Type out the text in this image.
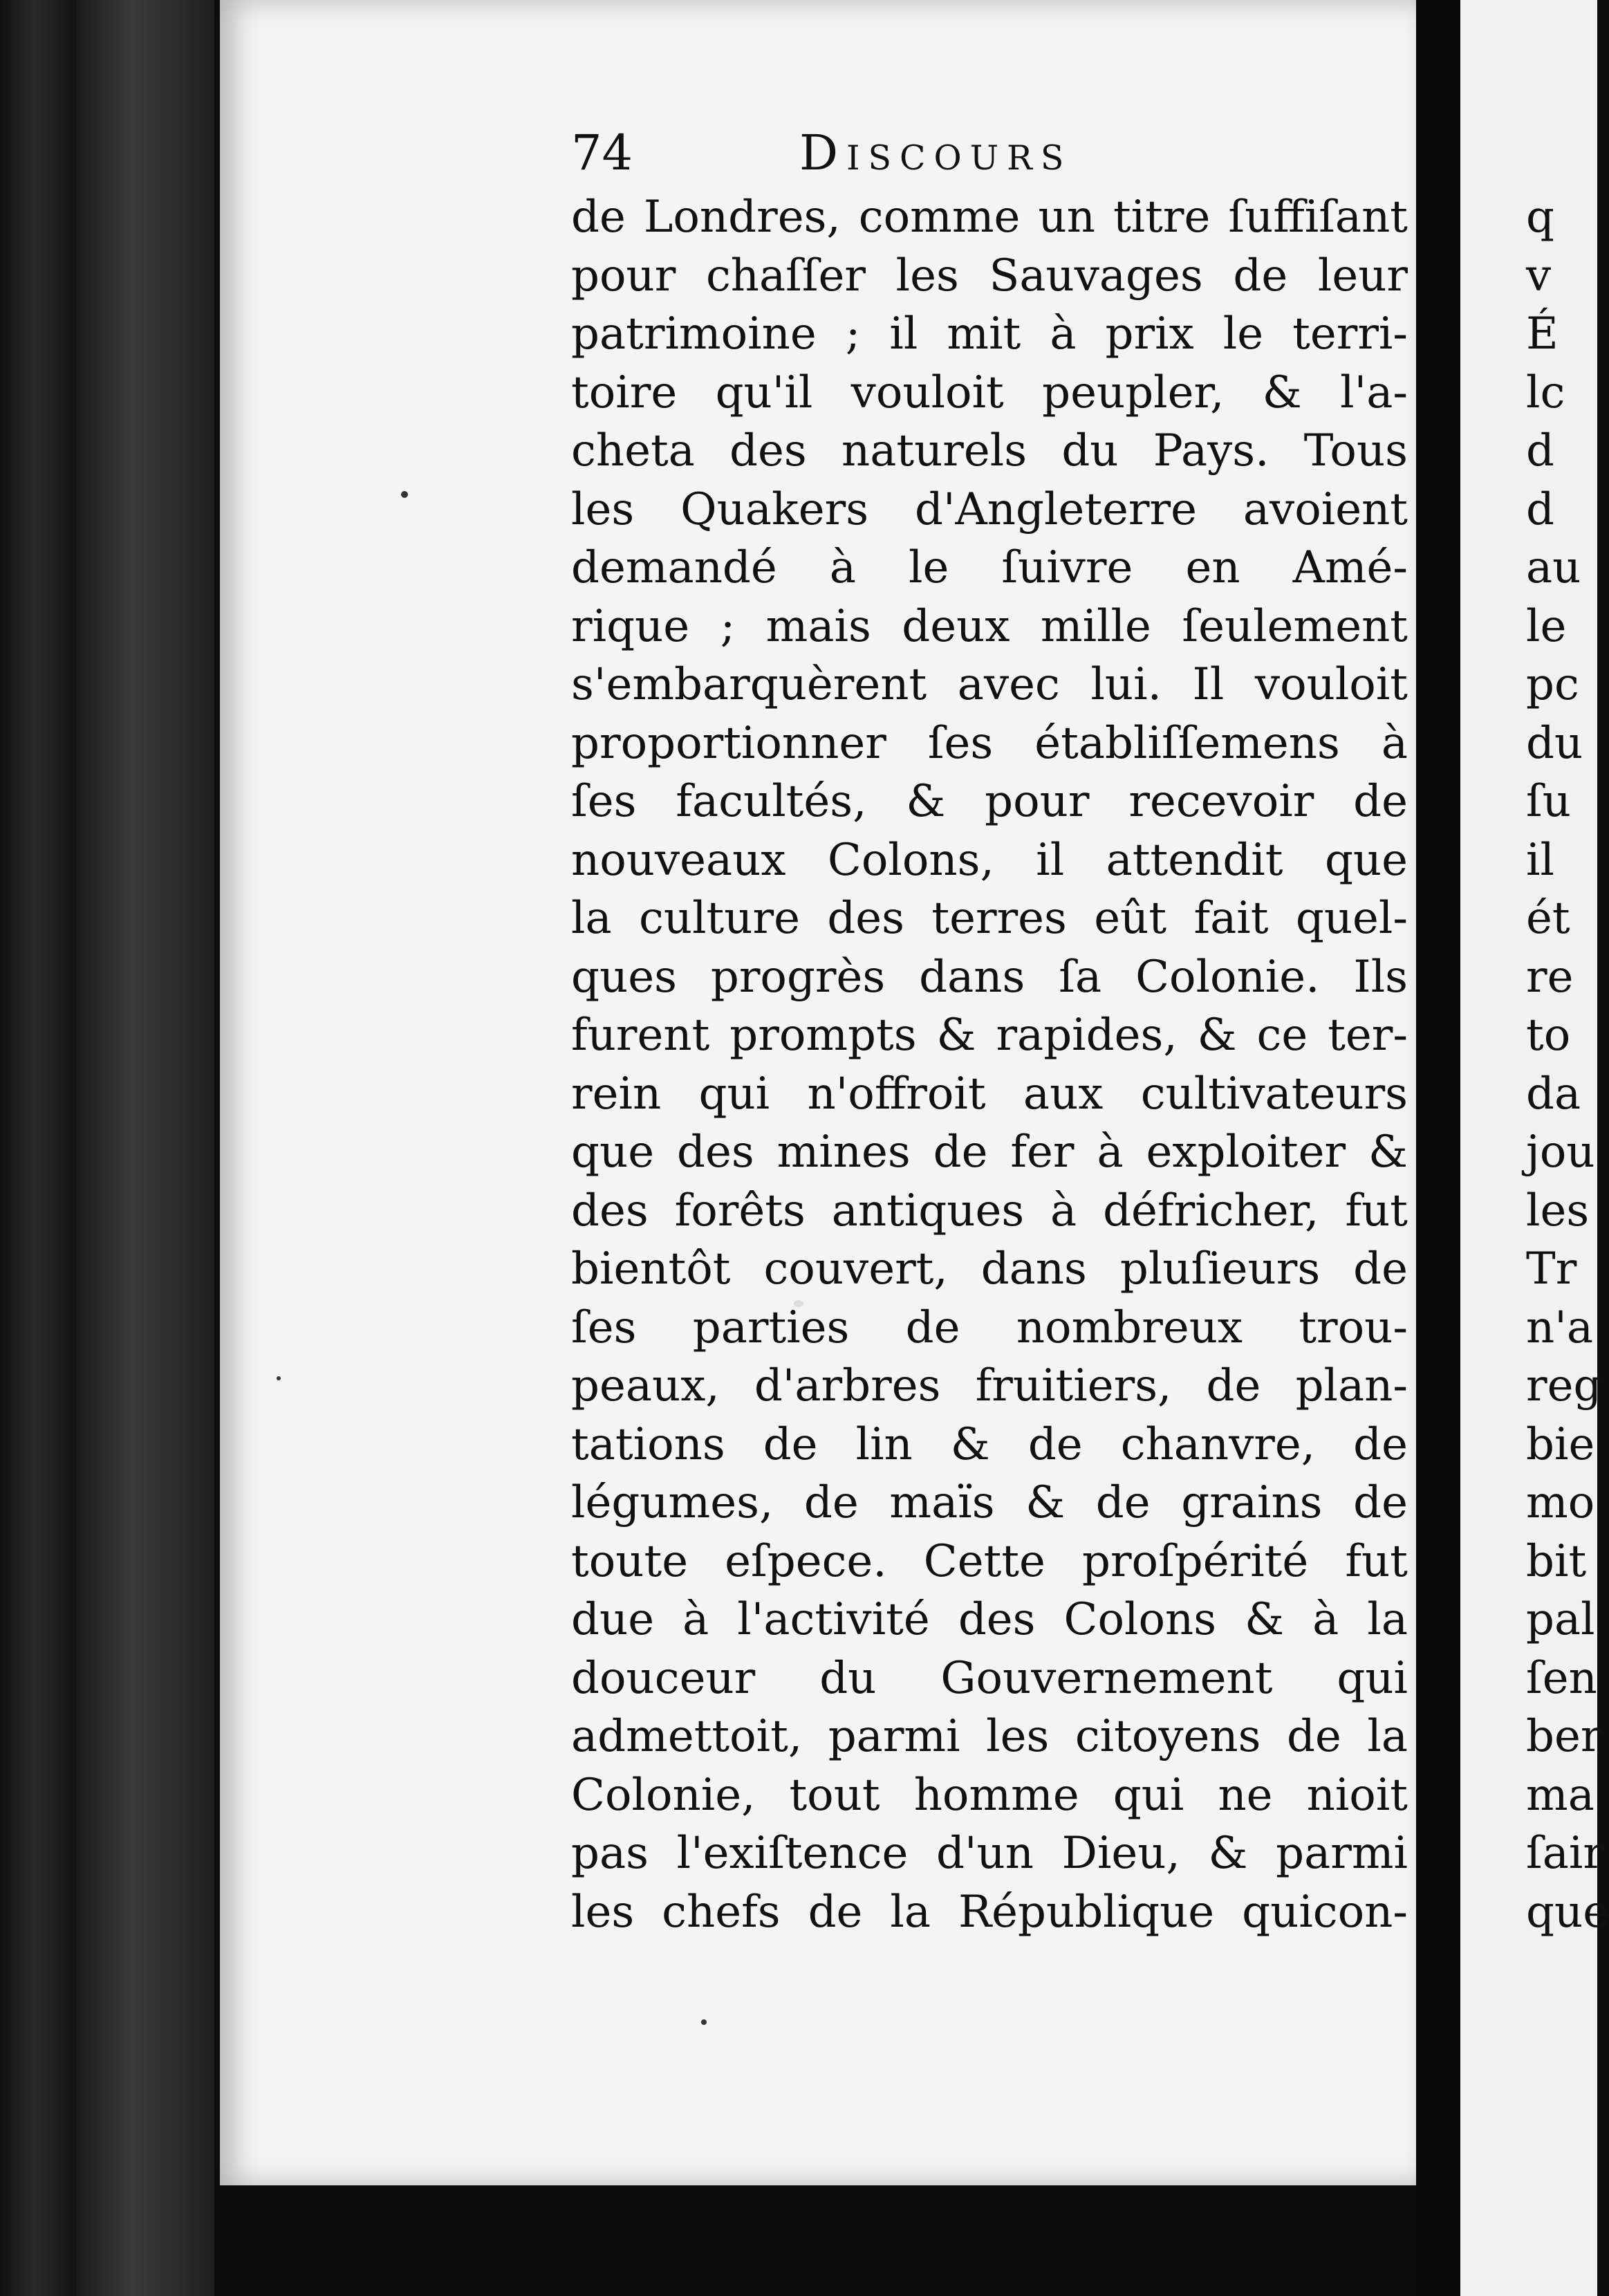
q
v
É
lc
d
d
au
le
pc
du
ſu
il
ét
re
to
da
jou
les
Tr
n'a
reg
bie
mo
bit
pal
ſen
ber
ma
ſair
que
74	Discours
de Londres, comme un titre ſuffiſant
pour chaſſer les Sauvages de leur
patrimoine ; il mit à prix le terri-
toire qu'il vouloit peupler, & l'a-
cheta des naturels du Pays. Tous
les Quakers d'Angleterre avoient
demandé à le ſuivre en Amé-
rique ; mais deux mille ſeulement
s'embarquèrent avec lui. Il vouloit
proportionner ſes établiſſemens à
ſes facultés, & pour recevoir de
nouveaux Colons, il attendit que
la culture des terres eût fait quel-
ques progrès dans ſa Colonie. Ils
furent prompts & rapides, & ce ter-
rein qui n'offroit aux cultivateurs
que des mines de fer à exploiter &
des forêts antiques à défricher, fut
bientôt couvert, dans pluſieurs de
ſes parties de nombreux trou-
peaux, d'arbres fruitiers, de plan-
tations de lin & de chanvre, de
légumes, de maïs & de grains de
toute eſpece. Cette proſpérité fut
due à l'activité des Colons & à la
douceur du Gouvernement qui
admettoit, parmi les citoyens de la
Colonie, tout homme qui ne nioit
pas l'exiſtence d'un Dieu, & parmi
les chefs de la République quicon-
